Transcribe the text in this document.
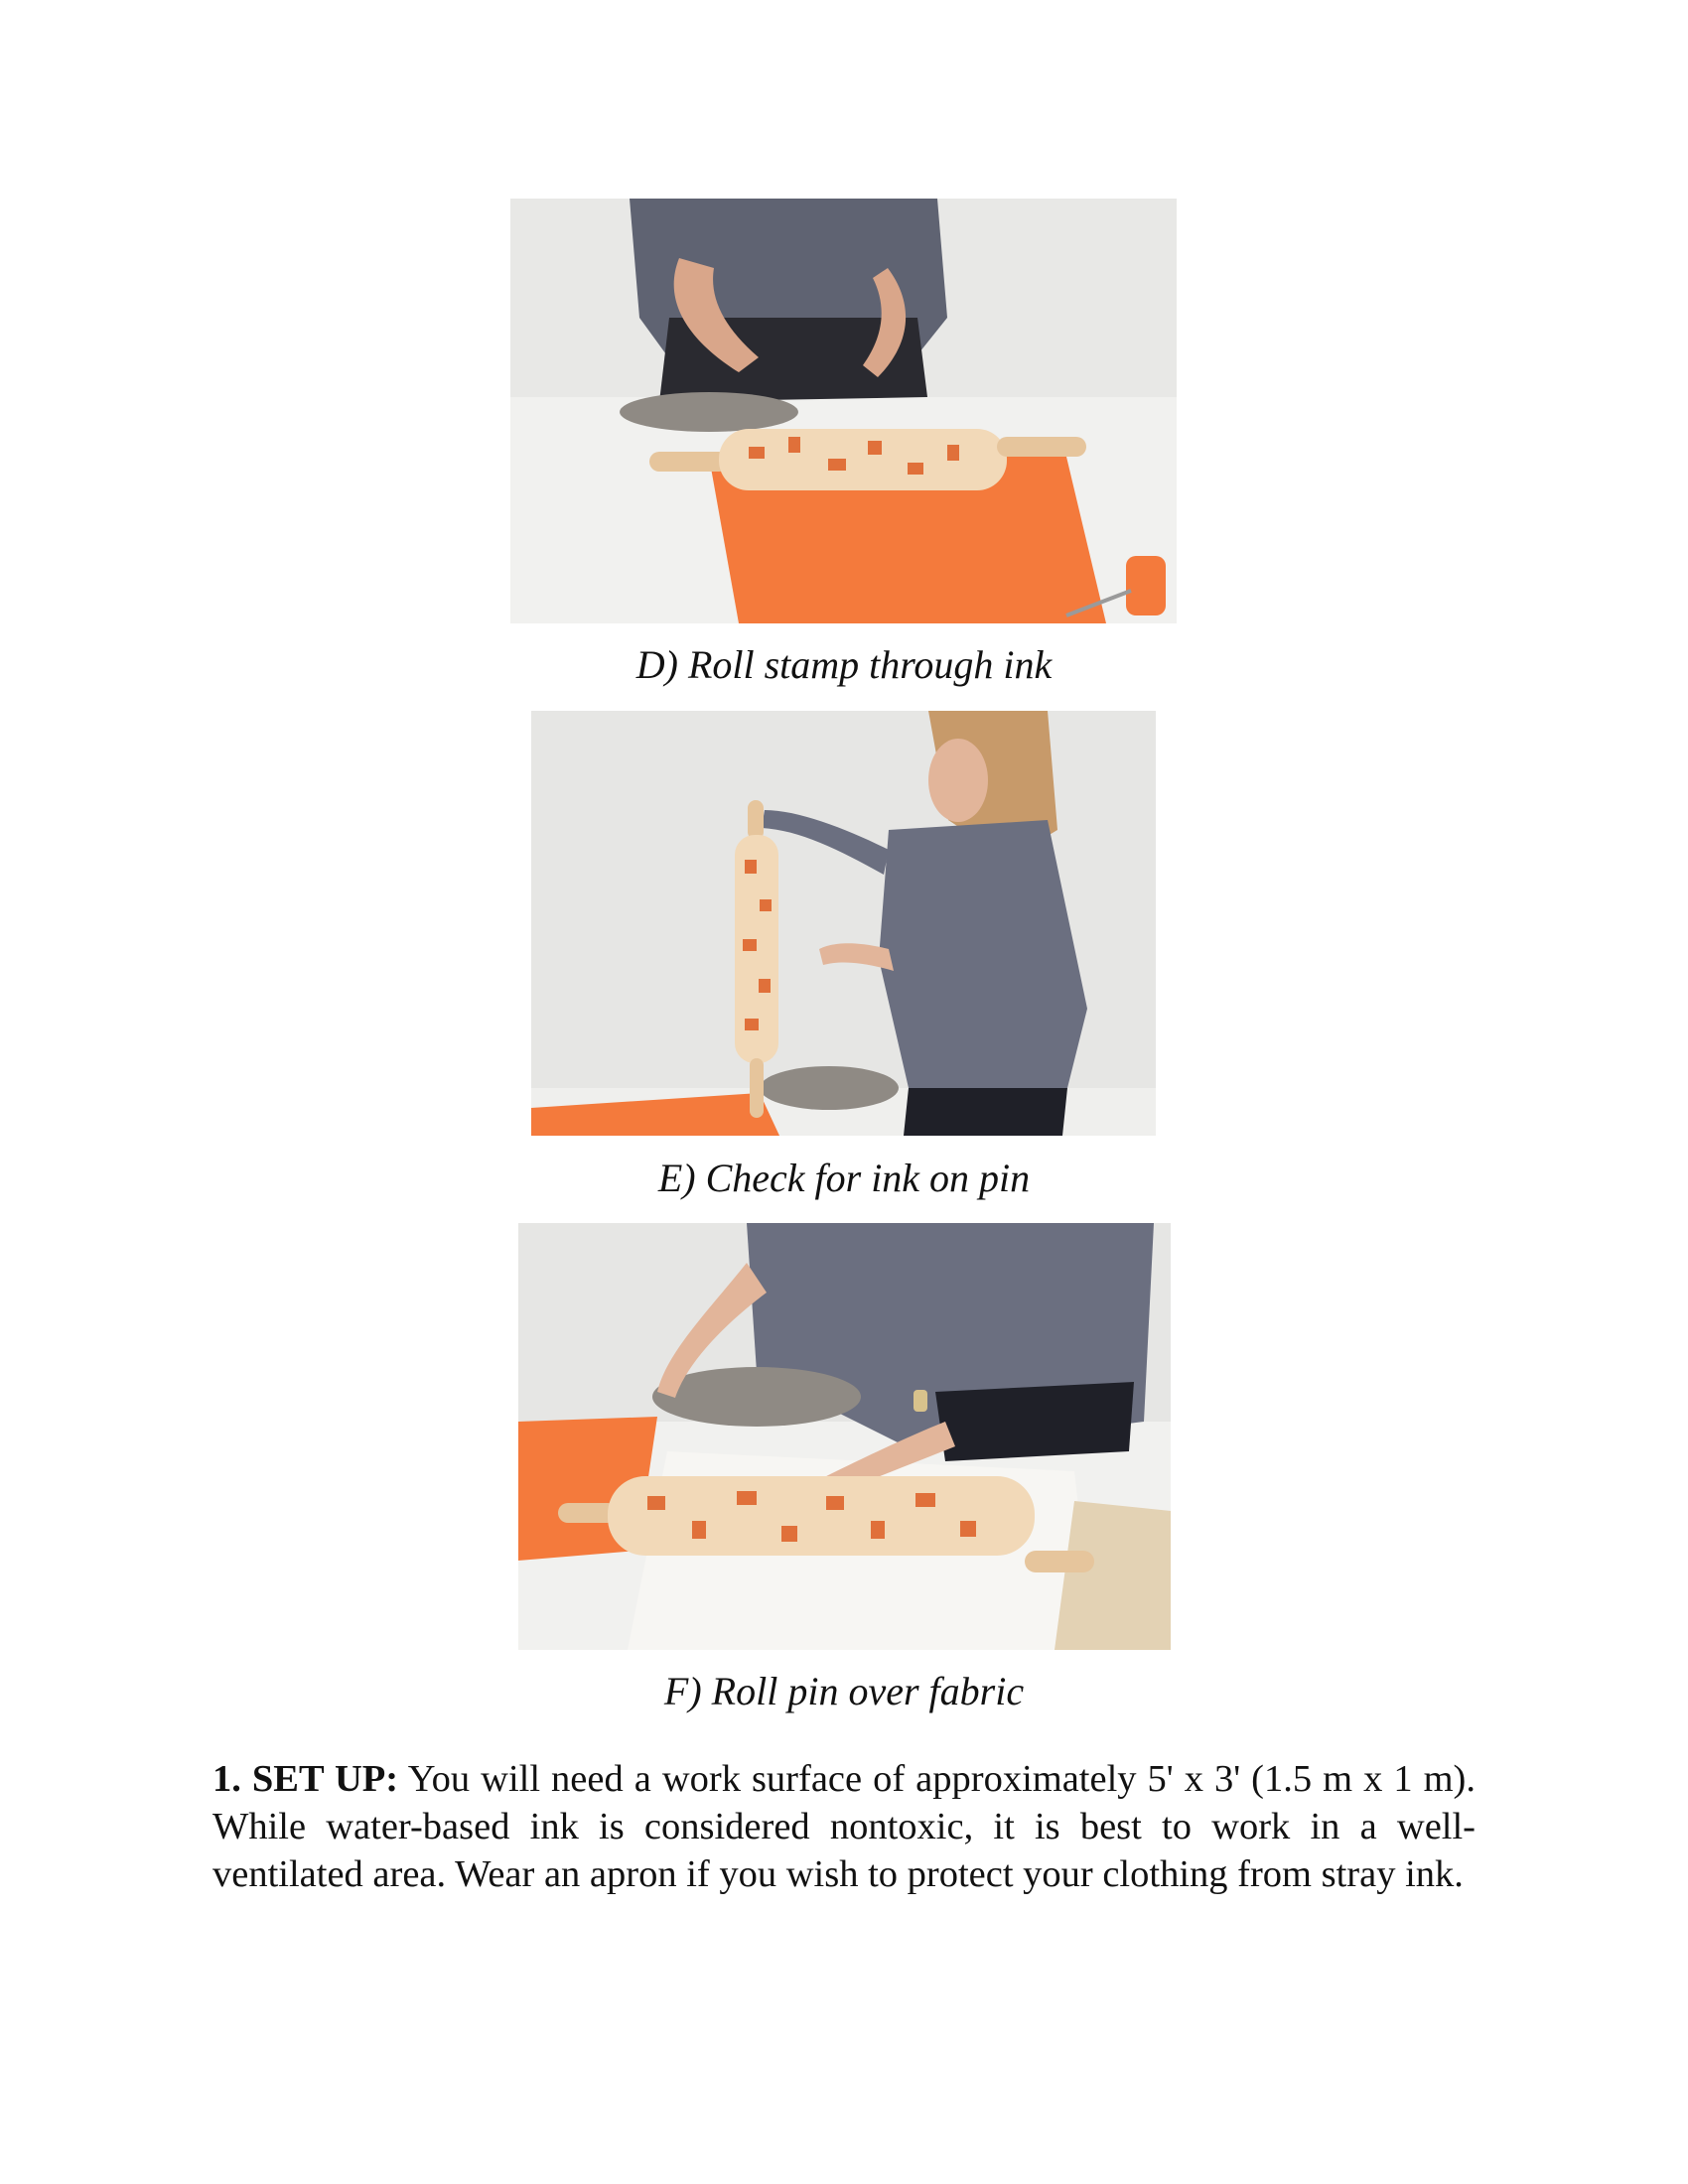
D) Roll stamp through ink

E) Check for ink on pin

F) Roll pin over fabric

1. SET UP: You will need a work surface of approximately 5' x 3' (1.5 m x 1 m). While water-based ink is considered nontoxic, it is best to work in a well-ventilated area. Wear an apron if you wish to protect your clothing from stray ink.
